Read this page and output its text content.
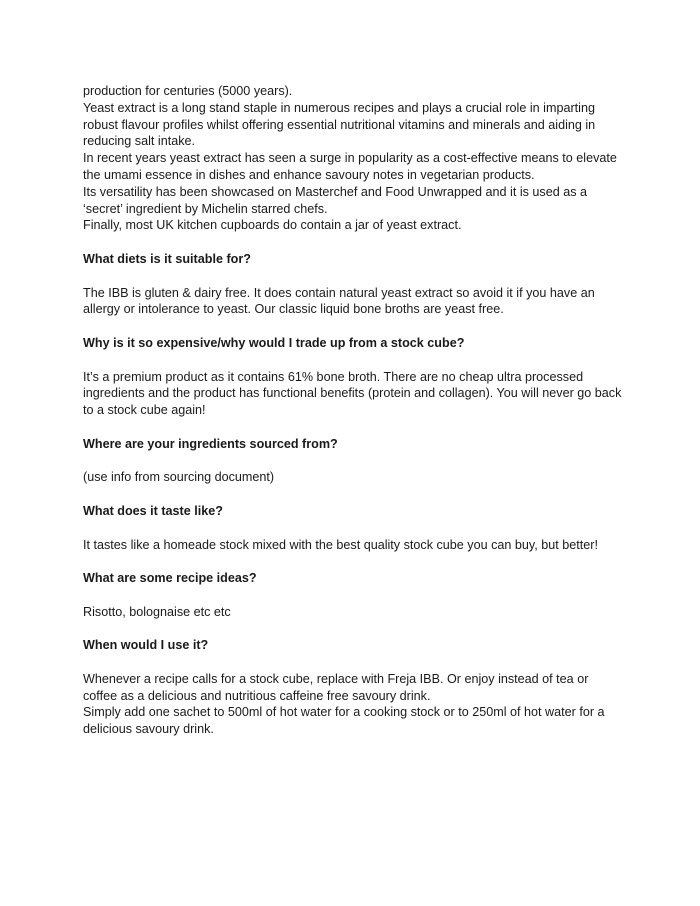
production for centuries (5000 years).

Yeast extract is a long stand staple in numerous recipes and plays a crucial role in imparting robust flavour profiles whilst offering essential nutritional vitamins and minerals and aiding in reducing salt intake.

In recent years yeast extract has seen a surge in popularity as a cost-effective means to elevate the umami essence in dishes and enhance savoury notes in vegetarian products.

Its versatility has been showcased on Masterchef and Food Unwrapped and it is used as a ‘secret’ ingredient by Michelin starred chefs.

Finally, most UK kitchen cupboards do contain a jar of yeast extract.

What diets is it suitable for?

The IBB is gluten & dairy free. It does contain natural yeast extract so avoid it if you have an allergy or intolerance to yeast. Our classic liquid bone broths are yeast free.

Why is it so expensive/why would I trade up from a stock cube?

It’s a premium product as it contains 61% bone broth. There are no cheap ultra processed ingredients and the product has functional benefits (protein and collagen). You will never go back to a stock cube again!

Where are your ingredients sourced from?

(use info from sourcing document)

What does it taste like?

It tastes like a homeade stock mixed with the best quality stock cube you can buy, but better!

What are some recipe ideas?

Risotto, bolognaise etc etc

When would I use it?

Whenever a recipe calls for a stock cube, replace with Freja IBB. Or enjoy instead of tea or coffee as a delicious and nutritious caffeine free savoury drink.

Simply add one sachet to 500ml of hot water for a cooking stock or to 250ml of hot water for a delicious savoury drink.
